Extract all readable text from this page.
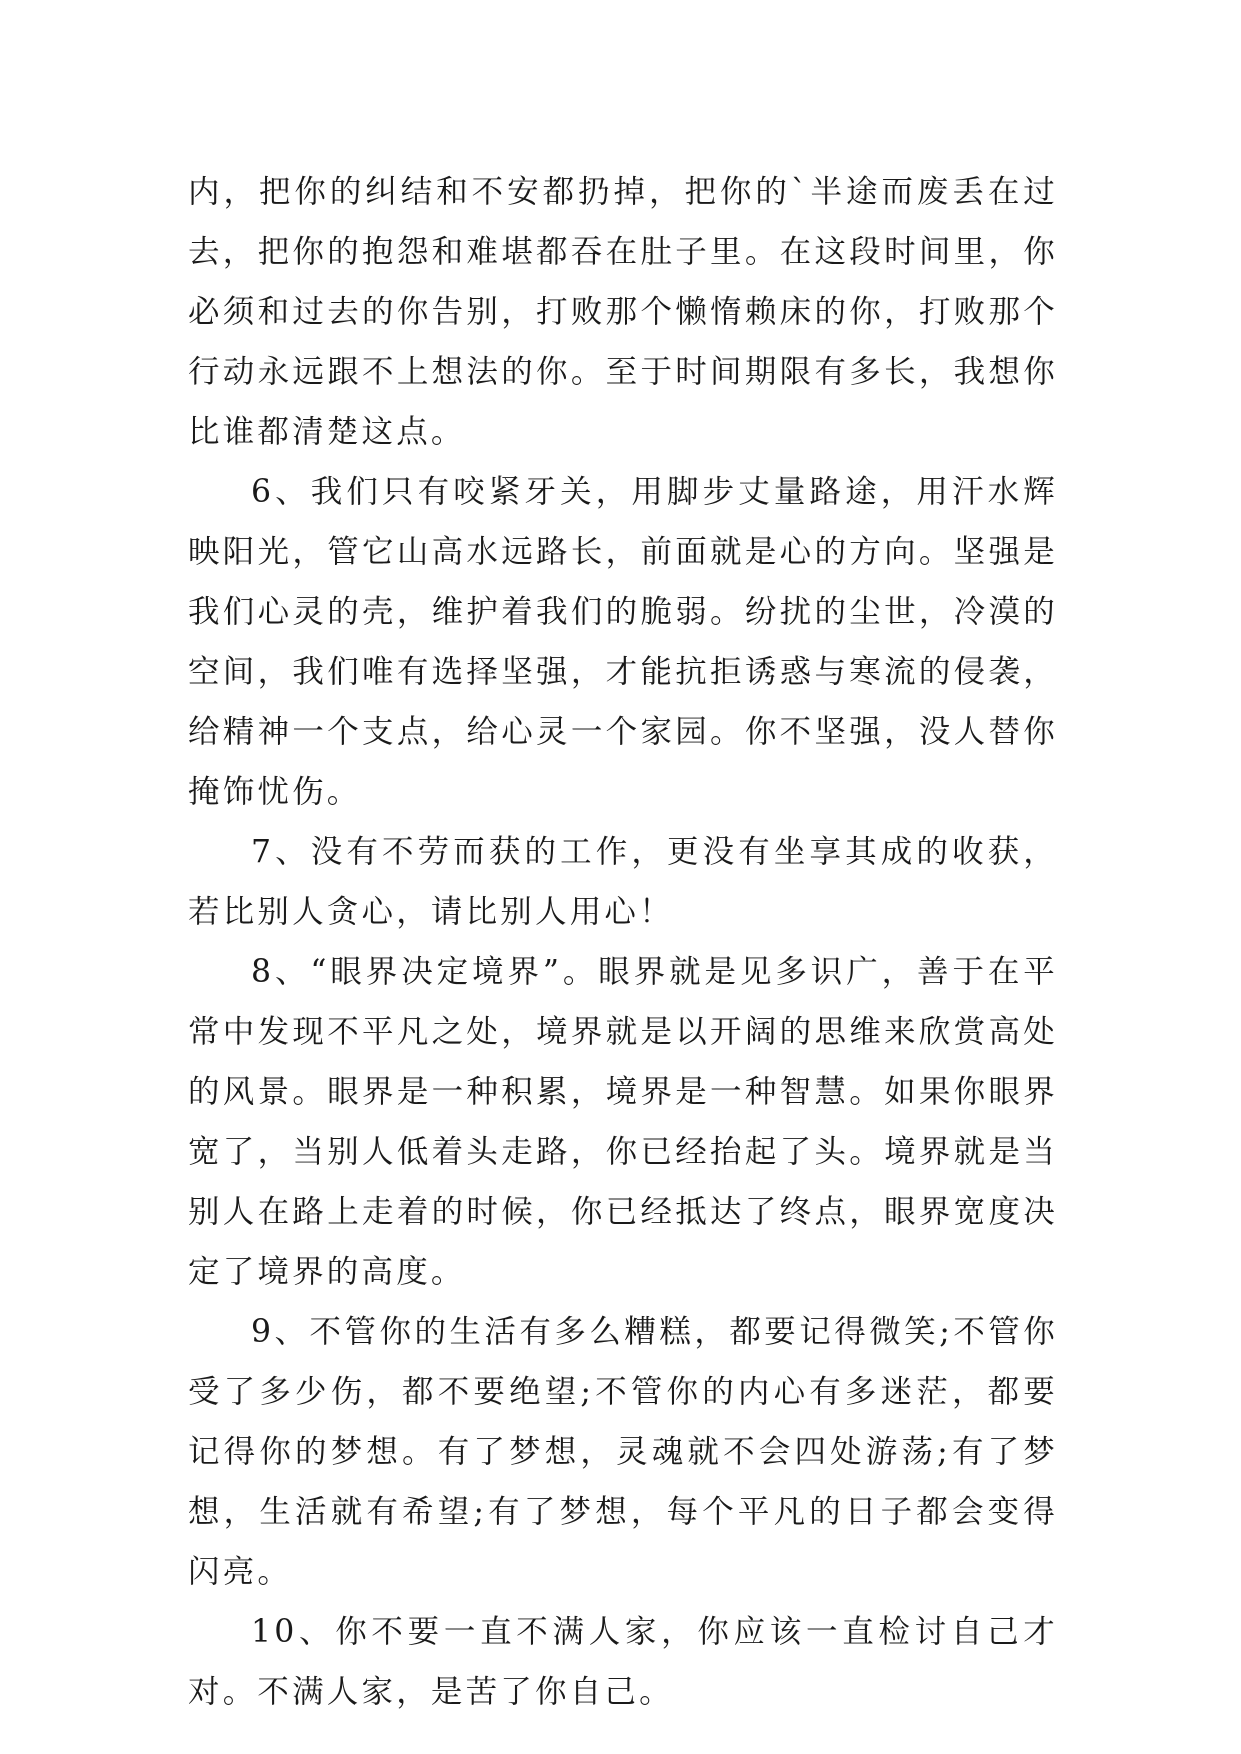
内，把你的纠结和不安都扔掉，把你的`半途而废丢在过去，把你的抱怨和难堪都吞在肚子里。在这段时间里，你必须和过去的你告别，打败那个懒惰赖床的你，打败那个行动永远跟不上想法的你。至于时间期限有多长，我想你比谁都清楚这点。

6、我们只有咬紧牙关，用脚步丈量路途，用汗水辉映阳光，管它山高水远路长，前面就是心的方向。坚强是我们心灵的壳，维护着我们的脆弱。纷扰的尘世，冷漠的空间，我们唯有选择坚强，才能抗拒诱惑与寒流的侵袭，给精神一个支点，给心灵一个家园。你不坚强，没人替你掩饰忧伤。

7、没有不劳而获的工作，更没有坐享其成的收获，若比别人贪心，请比别人用心！

8、“眼界决定境界”。眼界就是见多识广，善于在平常中发现不平凡之处，境界就是以开阔的思维来欣赏高处的风景。眼界是一种积累，境界是一种智慧。如果你眼界宽了，当别人低着头走路，你已经抬起了头。境界就是当别人在路上走着的时候，你已经抵达了终点，眼界宽度决定了境界的高度。

9、不管你的生活有多么糟糕，都要记得微笑;不管你受了多少伤，都不要绝望;不管你的内心有多迷茫，都要记得你的梦想。有了梦想，灵魂就不会四处游荡;有了梦想，生活就有希望;有了梦想，每个平凡的日子都会变得闪亮。

10、你不要一直不满人家，你应该一直检讨自己才对。不满人家，是苦了你自己。
